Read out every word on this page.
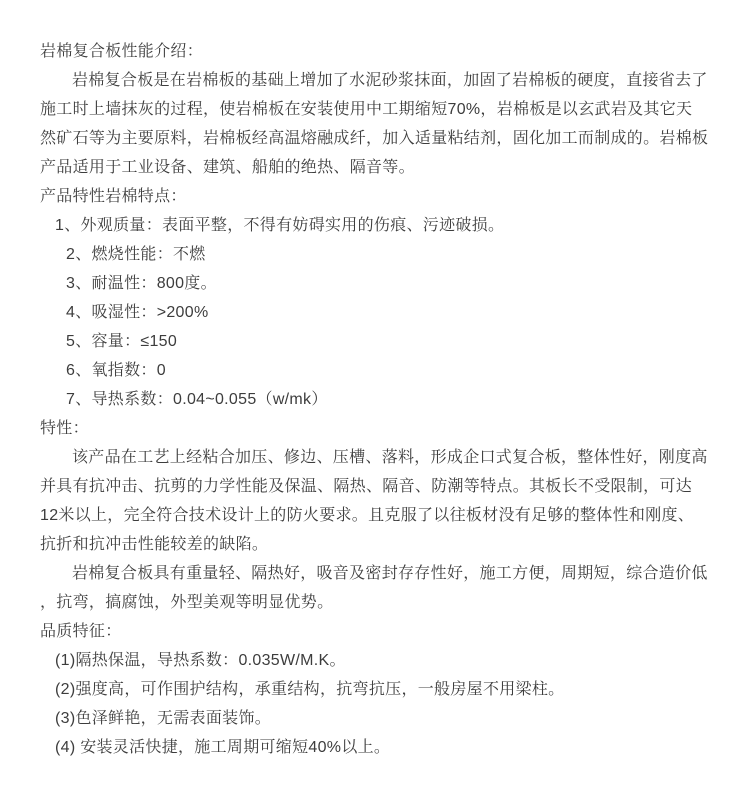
岩棉复合板性能介绍：
岩棉复合板是在岩棉板的基础上增加了水泥砂浆抹面，加固了岩棉板的硬度，直接省去了
施工时上墙抹灰的过程，使岩棉板在安装使用中工期缩短70%，岩棉板是以玄武岩及其它天
然矿石等为主要原料，岩棉板经高温熔融成纤，加入适量粘结剂，固化加工而制成的。岩棉板
产品适用于工业设备、建筑、船舶的绝热、隔音等。
产品特性岩棉特点：
1、外观质量：表面平整，不得有妨碍实用的伤痕、污迹破损。
2、燃烧性能：不燃
3、耐温性：800度。
4、吸湿性：>200%
5、容量：≤150
6、氧指数：0
7、导热系数：0.04~0.055（w/mk）
特性：
该产品在工艺上经粘合加压、修边、压槽、落料，形成企口式复合板，整体性好，刚度高
并具有抗冲击、抗剪的力学性能及保温、隔热、隔音、防潮等特点。其板长不受限制，可达
12米以上，完全符合技术设计上的防火要求。且克服了以往板材没有足够的整体性和刚度、
抗折和抗冲击性能较差的缺陷。
岩棉复合板具有重量轻、隔热好，吸音及密封存存性好，施工方便，周期短，综合造价低
，抗弯，搞腐蚀，外型美观等明显优势。
品质特征：
(1)隔热保温，导热系数：0.035W/M.K。
(2)强度高，可作围护结构，承重结构，抗弯抗压，一般房屋不用梁柱。
(3)色泽鲜艳，无需表面装饰。
(4) 安装灵活快捷，施工周期可缩短40%以上。
